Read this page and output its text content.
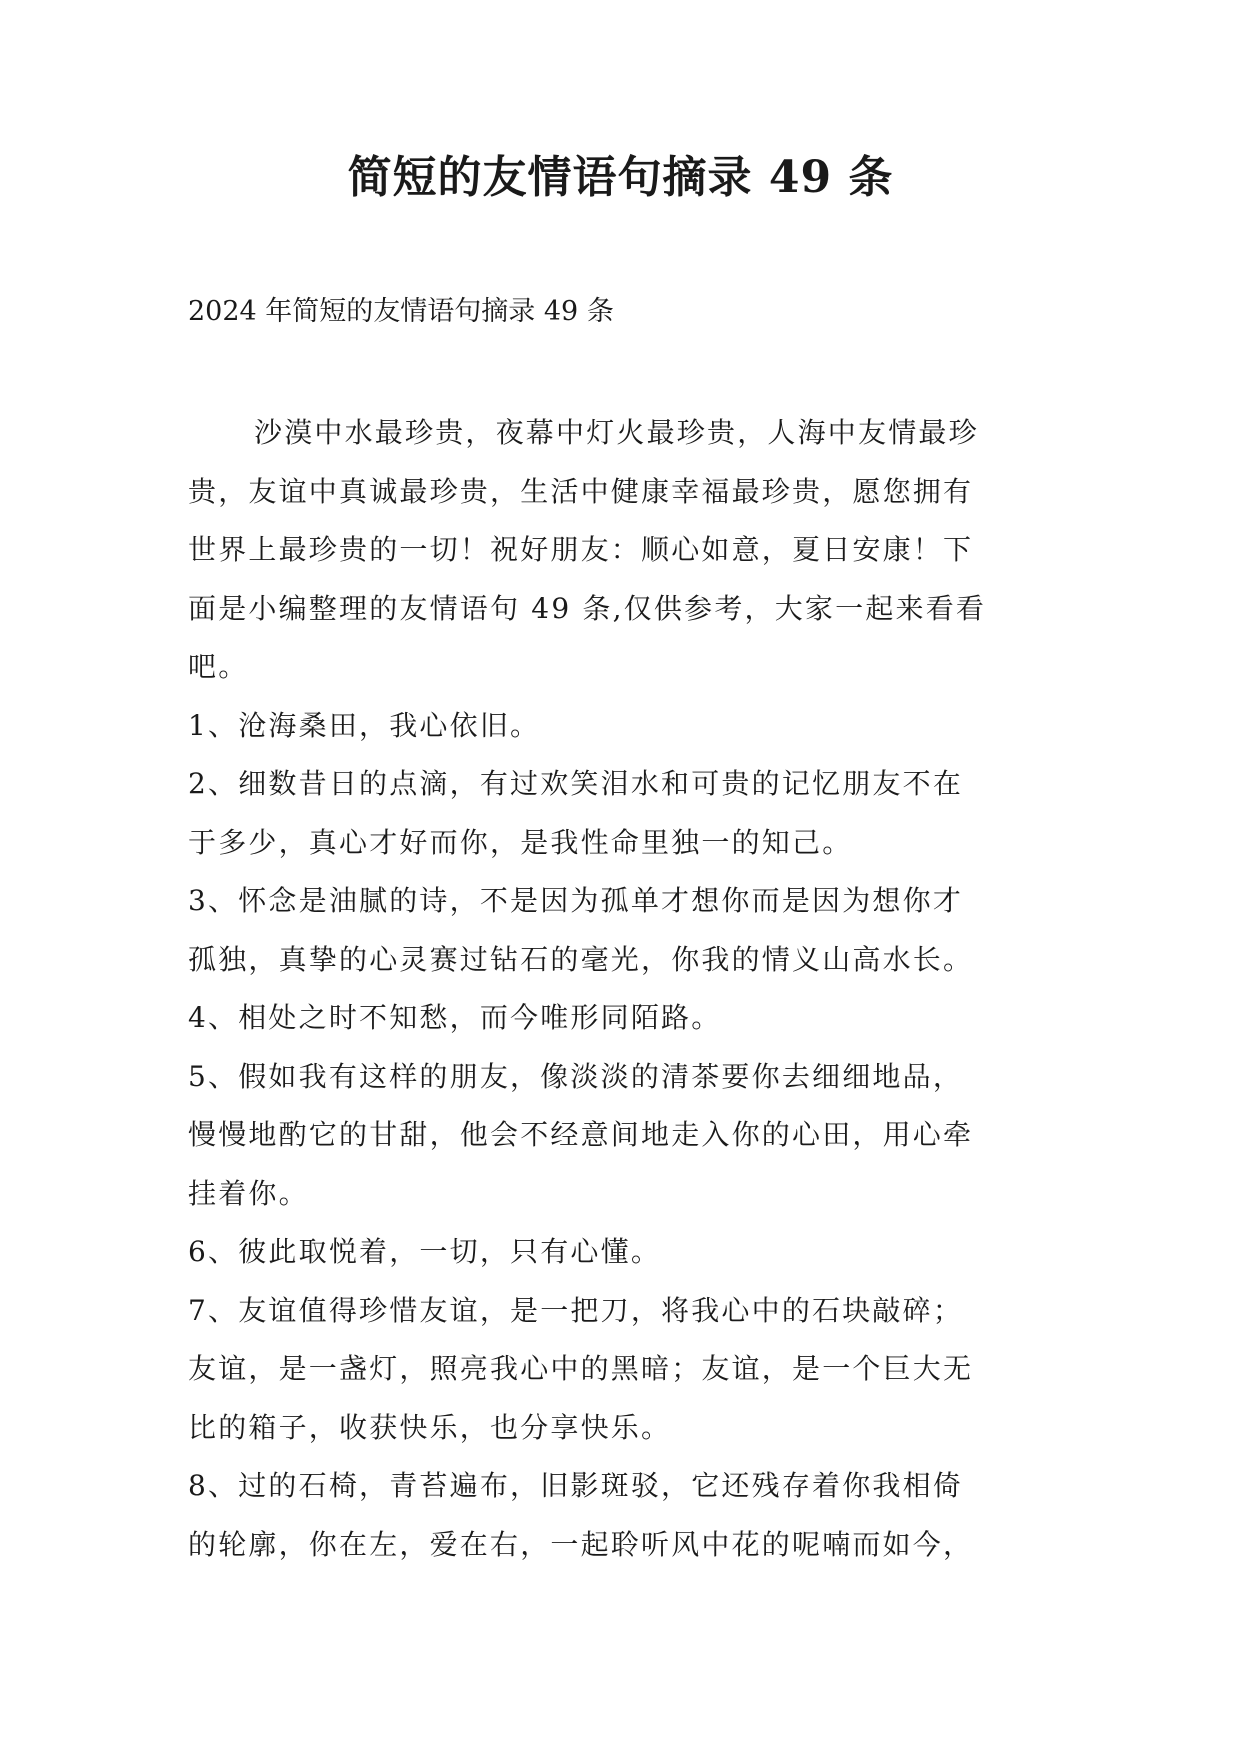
简短的友情语句摘录 49 条
2024 年简短的友情语句摘录 49 条
沙漠中水最珍贵，夜幕中灯火最珍贵，人海中友情最珍
贵，友谊中真诚最珍贵，生活中健康幸福最珍贵，愿您拥有
世界上最珍贵的一切！祝好朋友：顺心如意，夏日安康！下
面是小编整理的友情语句 49 条,仅供参考，大家一起来看看
吧。
1、沧海桑田，我心依旧。
2、细数昔日的点滴，有过欢笑泪水和可贵的记忆朋友不在
于多少，真心才好而你，是我性命里独一的知己。
3、怀念是油腻的诗，不是因为孤单才想你而是因为想你才
孤独，真挚的心灵赛过钻石的毫光，你我的情义山高水长。
4、相处之时不知愁，而今唯形同陌路。
5、假如我有这样的朋友，像淡淡的清茶要你去细细地品，
慢慢地酌它的甘甜，他会不经意间地走入你的心田，用心牵
挂着你。
6、彼此取悦着，一切，只有心懂。
7、友谊值得珍惜友谊，是一把刀，将我心中的石块敲碎；
友谊，是一盏灯，照亮我心中的黑暗；友谊，是一个巨大无
比的箱子，收获快乐，也分享快乐。
8、过的石椅，青苔遍布，旧影斑驳，它还残存着你我相倚
的轮廓，你在左，爱在右，一起聆听风中花的呢喃而如今，
